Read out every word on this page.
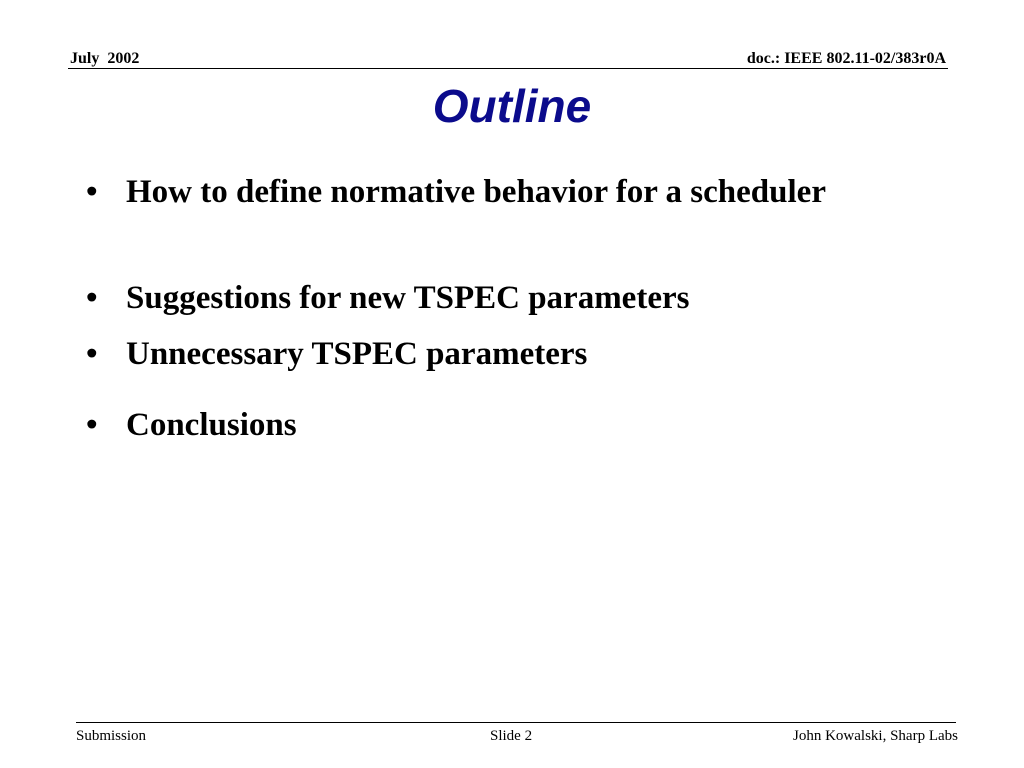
July  2002	doc.: IEEE 802.11-02/383r0A
Outline
• How to define normative behavior for a scheduler
• Suggestions for new TSPEC parameters
• Unnecessary TSPEC parameters
• Conclusions
Submission	Slide 2	John Kowalski, Sharp Labs
